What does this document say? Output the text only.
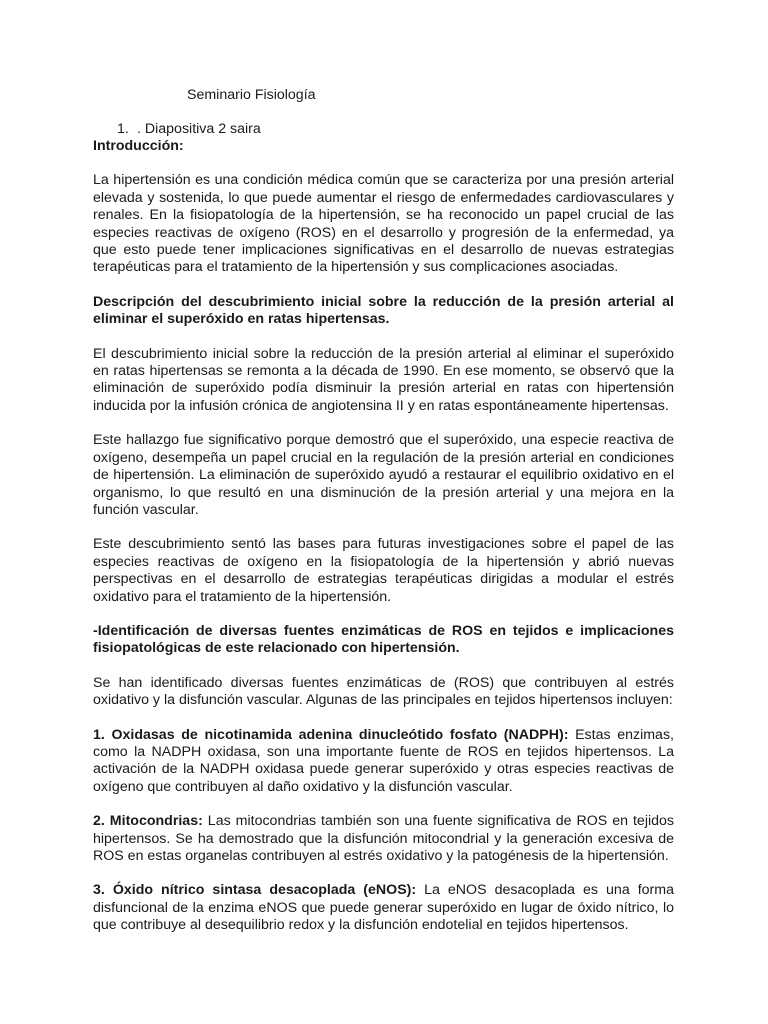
Seminario Fisiología
1. . Diapositiva 2 saira
Introducción:

La hipertensión es una condición médica común que se caracteriza por una presión arterial elevada y sostenida, lo que puede aumentar el riesgo de enfermedades cardiovasculares y renales. En la fisiopatología de la hipertensión, se ha reconocido un papel crucial de las especies reactivas de oxígeno (ROS) en el desarrollo y progresión de la enfermedad, ya que esto puede tener implicaciones significativas en el desarrollo de nuevas estrategias terapéuticas para el tratamiento de la hipertensión y sus complicaciones asociadas.

Descripción del descubrimiento inicial sobre la reducción de la presión arterial al eliminar el superóxido en ratas hipertensas.

El descubrimiento inicial sobre la reducción de la presión arterial al eliminar el superóxido en ratas hipertensas se remonta a la década de 1990. En ese momento, se observó que la eliminación de superóxido podía disminuir la presión arterial en ratas con hipertensión inducida por la infusión crónica de angiotensina II y en ratas espontáneamente hipertensas.

Este hallazgo fue significativo porque demostró que el superóxido, una especie reactiva de oxígeno, desempeña un papel crucial en la regulación de la presión arterial en condiciones de hipertensión. La eliminación de superóxido ayudó a restaurar el equilibrio oxidativo en el organismo, lo que resultó en una disminución de la presión arterial y una mejora en la función vascular.

Este descubrimiento sentó las bases para futuras investigaciones sobre el papel de las especies reactivas de oxígeno en la fisiopatología de la hipertensión y abrió nuevas perspectivas en el desarrollo de estrategias terapéuticas dirigidas a modular el estrés oxidativo para el tratamiento de la hipertensión.

-Identificación de diversas fuentes enzimáticas de ROS en tejidos e implicaciones fisiopatológicas de este relacionado con hipertensión.

Se han identificado diversas fuentes enzimáticas de (ROS) que contribuyen al estrés oxidativo y la disfunción vascular. Algunas de las principales en tejidos hipertensos incluyen:

1. Oxidasas de nicotinamida adenina dinucleótido fosfato (NADPH): Estas enzimas, como la NADPH oxidasa, son una importante fuente de ROS en tejidos hipertensos. La activación de la NADPH oxidasa puede generar superóxido y otras especies reactivas de oxígeno que contribuyen al daño oxidativo y la disfunción vascular.

2. Mitocondrias: Las mitocondrias también son una fuente significativa de ROS en tejidos hipertensos. Se ha demostrado que la disfunción mitocondrial y la generación excesiva de ROS en estas organelas contribuyen al estrés oxidativo y la patogénesis de la hipertensión.

3. Óxido nítrico sintasa desacoplada (eNOS): La eNOS desacoplada es una forma disfuncional de la enzima eNOS que puede generar superóxido en lugar de óxido nítrico, lo que contribuye al desequilibrio redox y la disfunción endotelial en tejidos hipertensos.
